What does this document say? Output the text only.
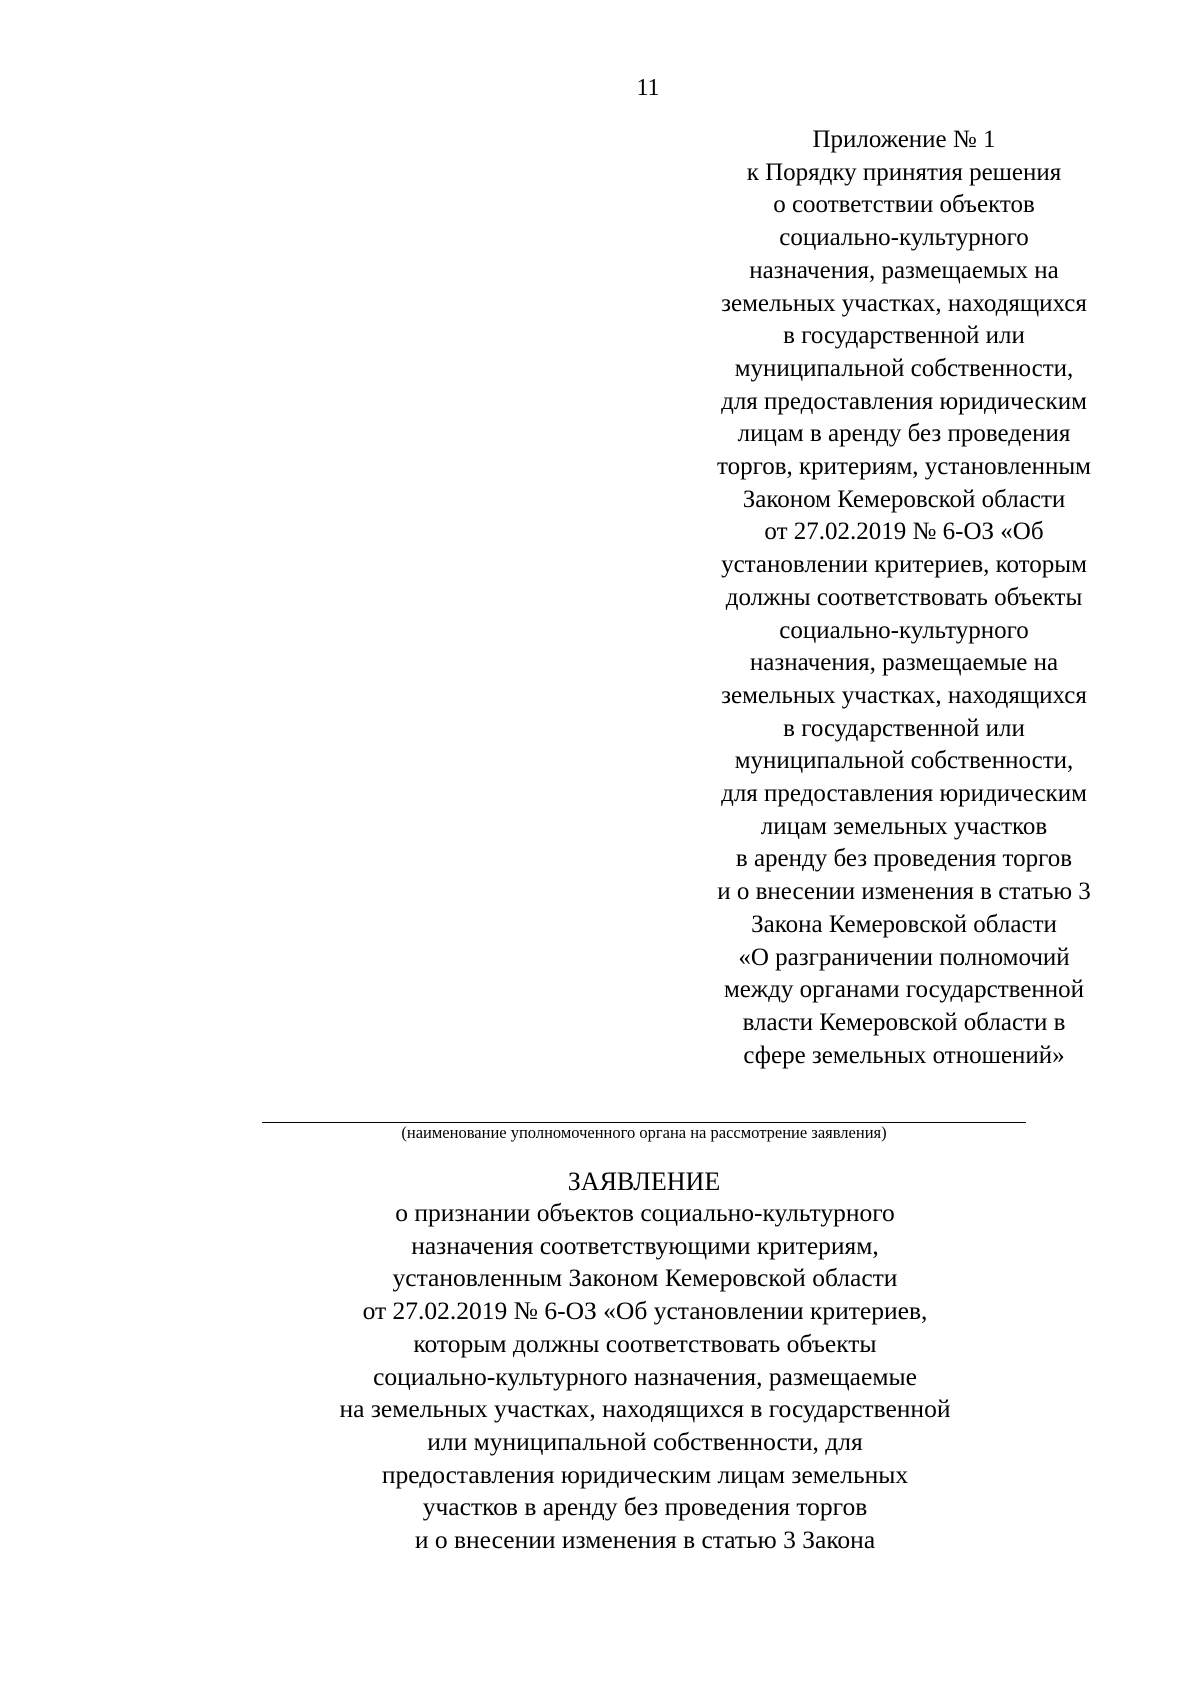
11
Приложение № 1
к Порядку принятия решения
о соответствии объектов
социально-культурного
назначения, размещаемых на
земельных участках, находящихся
в государственной или
муниципальной собственности,
для предоставления юридическим
лицам в аренду без проведения
торгов, критериям, установленным
Законом Кемеровской области
от 27.02.2019 № 6-ОЗ «Об
установлении критериев, которым
должны соответствовать объекты
социально-культурного
назначения, размещаемые на
земельных участках, находящихся
в государственной или
муниципальной собственности,
для предоставления юридическим
лицам земельных участков
в аренду без проведения торгов
и о внесении изменения в статью 3
Закона Кемеровской области
«О разграничении полномочий
между органами государственной
власти Кемеровской области в
сфере земельных отношений»
(наименование уполномоченного органа на рассмотрение заявления)
ЗАЯВЛЕНИЕ
о признании объектов социально-культурного
назначения соответствующими критериям,
установленным Законом Кемеровской области
от 27.02.2019 № 6-ОЗ «Об установлении критериев,
которым должны соответствовать объекты
социально-культурного назначения, размещаемые
на земельных участках, находящихся в государственной
или муниципальной собственности, для
предоставления юридическим лицам земельных
участков в аренду без проведения торгов
и о внесении изменения в статью 3 Закона
